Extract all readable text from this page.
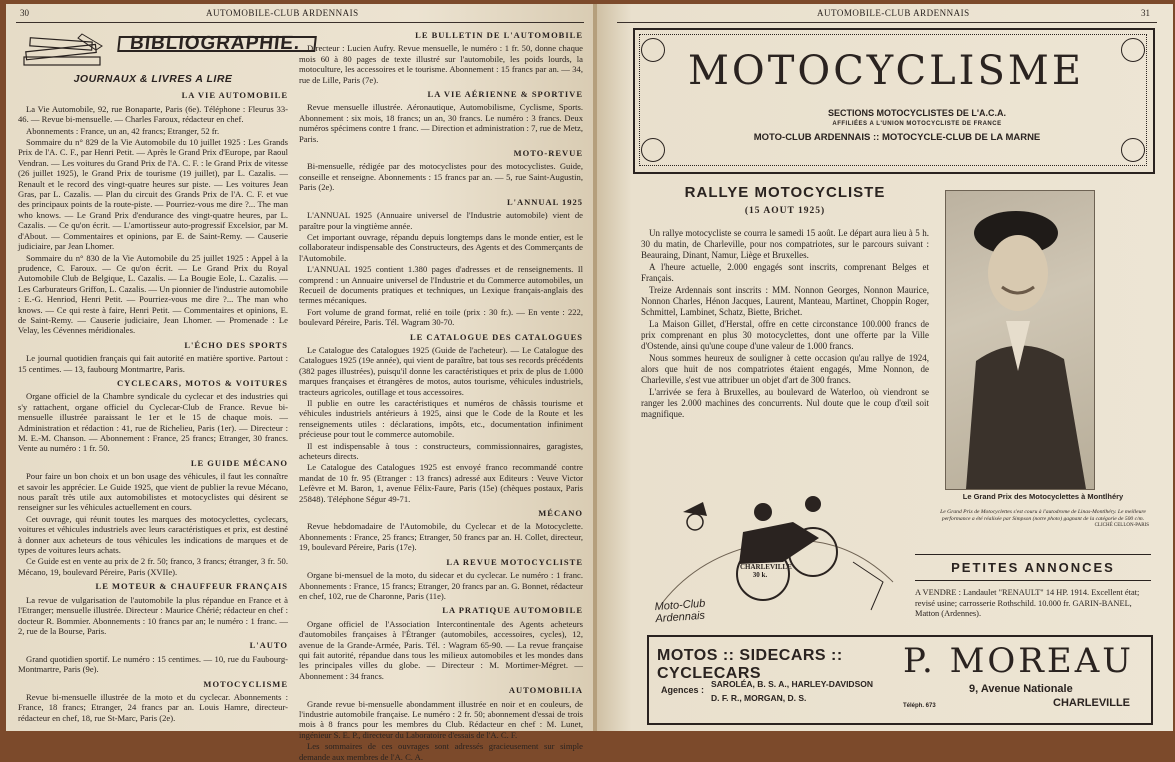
30	AUTOMOBILE-CLUB ARDENNAIS
BIBLIOGRAPHIE.
JOURNAUX & LIVRES A LIRE
LA VIE AUTOMOBILE

La Vie Automobile, 92, rue Bonaparte, Paris (6e). Téléphone : Fleurus 33-46. — Revue bi-mensuelle. — Charles Faroux, rédacteur en chef.

Abonnements : France, un an, 42 francs; Etranger, 52 fr.

Sommaire du n° 829 de la Vie Automobile du 10 juillet 1925 : Les Grands Prix de l'A. C. F., par Henri Petit. — Après le Grand Prix d'Europe, par Raoul Vendran. — Les voitures du Grand Prix de l'A. C. F. : le Grand Prix de vitesse (26 juillet 1925), le Grand Prix de tourisme (19 juillet), par L. Cazalis. — Renault et le record des vingt-quatre heures sur piste. — Les voitures Jean Gras, par L. Cazalis. — Plan du circuit des Grands Prix de l'A. C. F. et vue des principaux points de la route-piste. — Pourriez-vous me dire ?... The man who knows. — Le Grand Prix d'endurance des vingt-quatre heures, par L. Cazalis. — Ce qu'on écrit. — L'amortisseur auto-progressif Excelsior, par M. d'About. — Commentaires et opinions, par E. de Saint-Remy. — Causerie judiciaire, par Jean Lhomer.

Sommaire du n° 830 de la Vie Automobile du 25 juillet 1925 : Appel à la prudence, C. Faroux. — Ce qu'on écrit. — Le Grand Prix du Royal Automobile Club de Belgique, L. Cazalis. — La Bougie Eole, L. Cazalis. — Les Carburateurs Griffon, L. Cazalis. — Un pionnier de l'industrie automobile : E.-G. Henriod, Henri Petit. — Pourriez-vous me dire ?... The man who knows. — Ce qui reste à faire, Henri Petit. — Commentaires et opinions, E. de Saint-Remy. — Causerie judiciaire, Jean Lhomer. — Promenade : Le Velay, les Cévennes méridionales.

L'ÉCHO DES SPORTS

Le journal quotidien français qui fait autorité en matière sportive. Partout : 15 centimes. — 13, faubourg Montmartre, Paris.

CYCLECARS, MOTOS & VOITURES

Organe officiel de la Chambre syndicale du cyclecar et des industries qui s'y rattachent, organe officiel du Cyclecar-Club de France. Revue bi-mensuelle illustrée paraissant le 1er et le 15 de chaque mois. — Administration et rédaction : 41, rue de Richelieu, Paris (1er). — Directeur : M. E.-M. Chanson. — Abonnement : France, 25 francs; Etranger, 30 francs. Vente au numéro : 1 fr. 50.

LE GUIDE MÉCANO

Pour faire un bon choix et un bon usage des véhicules, il faut les connaître et savoir les apprécier. Le Guide 1925, que vient de publier la revue Mécano, nous paraît très utile aux automobilistes et motocyclistes qui désirent se renseigner sur les véhicules actuellement en cours.

Cet ouvrage, qui réunit toutes les marques des motocyclettes, cyclecars, voitures et véhicules industriels avec leurs caractéristiques et prix, est destiné à donner aux acheteurs de tous véhicules les indications de marques et de types de voitures leurs achats.

Ce Guide est en vente au prix de 2 fr. 50; franco, 3 francs; étranger, 3 fr. 50. Mécano, 19, boulevard Péreire, Paris (XVIIe).

LE MOTEUR & CHAUFFEUR FRANÇAIS

La revue de vulgarisation de l'automobile la plus répandue en France et à l'Etranger; mensuelle illustrée. Directeur : Maurice Chérié; rédacteur en chef : docteur R. Bommier. Abonnements : 10 francs par an; le numéro : 1 franc. — 2, rue de la Bourse, Paris.

L'AUTO

Grand quotidien sportif. Le numéro : 15 centimes. — 10, rue du Faubourg-Montmartre, Paris (9e).

MOTOCYCLISME

Revue bi-mensuelle illustrée de la moto et du cyclecar. Abonnements : France, 18 francs; Etranger, 24 francs par an. Louis Hamre, directeur-rédacteur en chef, 18, rue St-Marc, Paris (2e).

LE BULLETIN DE L'AUTOMOBILE

Directeur : Lucien Aufry. Revue mensuelle, le numéro : 1 fr. 50, donne chaque mois 60 à 80 pages de texte illustré sur l'automobile, les poids lourds, la motoculture, les accessoires et le tourisme. Abonnement : 15 francs par an. — 34, rue de Lille, Paris (7e).

LA VIE AÉRIENNE & SPORTIVE

Revue mensuelle illustrée. Aéronautique, Automobilisme, Cyclisme, Sports. Abonnement : six mois, 18 francs; un an, 30 francs. Le numéro : 3 francs. Deux numéros spécimens contre 1 franc. — Direction et administration : 7, rue de Metz, Paris.

MOTO-REVUE

Bi-mensuelle, rédigée par des motocyclistes pour des motocyclistes. Guide, conseille et renseigne. Abonnements : 15 francs par an. — 5, rue Saint-Augustin, Paris (2e).

L'ANNUAL 1925

L'ANNUAL 1925 (Annuaire universel de l'Industrie automobile) vient de paraître pour la vingtième année.

Cet important ouvrage, répandu depuis longtemps dans le monde entier, est le collaborateur indispensable des Constructeurs, des Agents et des Commerçants de l'Automobile.

L'ANNUAL 1925 contient 1.380 pages d'adresses et de renseignements. Il comprend : un Annuaire universel de l'Industrie et du Commerce automobiles, un Recueil de documents pratiques et techniques, un Lexique français-anglais des termes mécaniques.

Fort volume de grand format, relié en toile (prix : 30 fr.). — En vente : 222, boulevard Péreire, Paris. Tél. Wagram 30-70.

LE CATALOGUE DES CATALOGUES

Le Catalogue des Catalogues 1925 (Guide de l'acheteur). — Le Catalogue des Catalogues 1925 (19e année), qui vient de paraître, bat tous ses records précédents (382 pages illustrées), puisqu'il donne les caractéristiques et prix de plus de 1.000 marques françaises et étrangères de motos, autos tourisme, véhicules industriels, tracteurs agricoles, outillage et tous accessoires.

Il publie en outre les caractéristiques et numéros de châssis tourisme et véhicules industriels antérieurs à 1925, ainsi que le Code de la Route et les renseignements utiles : déclarations, impôts, etc., documentation infiniment précieuse pour tout le commerce automobile.

Il est indispensable à tous : constructeurs, commissionnaires, garagistes, acheteurs directs.

Le Catalogue des Catalogues 1925 est envoyé franco recommandé contre mandat de 10 fr. 95 (Etranger : 13 francs) adressé aux Editeurs : Veuve Victor Lefèvre et M. Baron, 1, avenue Félix-Faure, Paris (15e) (chèques postaux, Paris 25848). Téléphone Ségur 49-71.

MÉCANO

Revue hebdomadaire de l'Automobile, du Cyclecar et de la Motocyclette. Abonnements : France, 25 francs; Etranger, 50 francs par an. H. Collet, directeur, 19, boulevard Péreire, Paris (17e).

LA REVUE MOTOCYCLISTE

Organe bi-mensuel de la moto, du sidecar et du cyclecar. Le numéro : 1 franc. Abonnements : France, 15 francs; Etranger, 20 francs par an. G. Bonnet, rédacteur en chef, 102, rue de Charonne, Paris (11e).

LA PRATIQUE AUTOMOBILE

Organe officiel de l'Association Intercontinentale des Agents acheteurs d'automobiles françaises à l'Étranger (automobiles, accessoires, cycles), 12, avenue de la Grande-Armée, Paris. Tél. : Wagram 65-90. — La revue française qui fait autorité, répandue dans tous les milieux automobiles et les mondes dans les principales villes du globe. — Directeur : M. Mortimer-Mégret. — Abonnement : 34 francs.

AUTOMOBILIA

Grande revue bi-mensuelle abondamment illustrée en noir et en couleurs, de l'industrie automobile française. Le numéro : 2 fr. 50; abonnement d'essai de trois mois à 8 francs pour les membres du Club. Rédacteur en chef : M. Lunet, ingénieur S. E. P., directeur du Laboratoire d'essais de l'A. C. F.

Les sommaires de ces ouvrages sont adressés gracieusement sur simple demande aux membres de l'A. C. A.

AUTOMOBILE-CLUB ARDENNAIS	31
MOTOCYCLISME
SECTIONS MOTOCYCLISTES DE L'A.C.A.
AFFILIÉES A L'UNION MOTOCYCLISTE DE FRANCE
MOTO-CLUB ARDENNAIS :: MOTOCYCLE-CLUB DE LA MARNE
RALLYE MOTOCYCLISTE
(15 AOUT 1925)

Un rallye motocycliste se courra le samedi 15 août. Le départ aura lieu à 5 h. 30 du matin, de Charleville, pour nos compatriotes, sur le parcours suivant : Beauraing, Dinant, Namur, Liège et Bruxelles.

A l'heure actuelle, 2.000 engagés sont inscrits, comprenant Belges et Français.

Treize Ardennais sont inscrits : MM. Nonnon Georges, Nonnon Maurice, Nonnon Charles, Hénon Jacques, Laurent, Manteau, Martinet, Choppin Roger, Schmittel, Lambinet, Schatz, Biette, Brichet.

La Maison Gillet, d'Herstal, offre en cette circonstance 100.000 francs de prix comprenant en plus 30 motocyclettes, dont une offerte par la Ville d'Ostende, ainsi qu'une coupe d'une valeur de 1.000 francs.

Nous sommes heureux de souligner à cette occasion qu'au rallye de 1924, alors que huit de nos compatriotes étaient engagés, Mme Nonnon, de Charleville, s'est vue attribuer un objet d'art de 300 francs.

L'arrivée se fera à Bruxelles, au boulevard de Waterloo, où viendront se ranger les 2.000 machines des concurrents. Nul doute que le coup d'œil soit magnifique.

Le Grand Prix des Motocyclettes à Montlhéry
Le Grand Prix de Motocyclettes s'est couru à l'autodrome de Linas-Montlhéry. Le meilleure performance a été réalisée par Simpson (notre photo) gagnant de la catégorie de 500 c/m.
CLICHÉ CELLON-PARIS
CHARLEVILLE 30 k.
Moto-Club Ardennais
PETITES ANNONCES
A VENDRE : Landaulet "RENAULT" 14 HP. 1914. Excellent état; revisé usine; carrosserie Rothschild. 10.000 fr. GARIN-BANEL, Matton (Ardennes).
MOTOS :: SIDECARS :: CYCLECARS
Agences :
SAROLÉA, B. S. A., HARLEY-DAVIDSON
D. F. R., MORGAN, D. S.
P. MOREAU
9, Avenue Nationale
CHARLEVILLE
Téléph. 673
